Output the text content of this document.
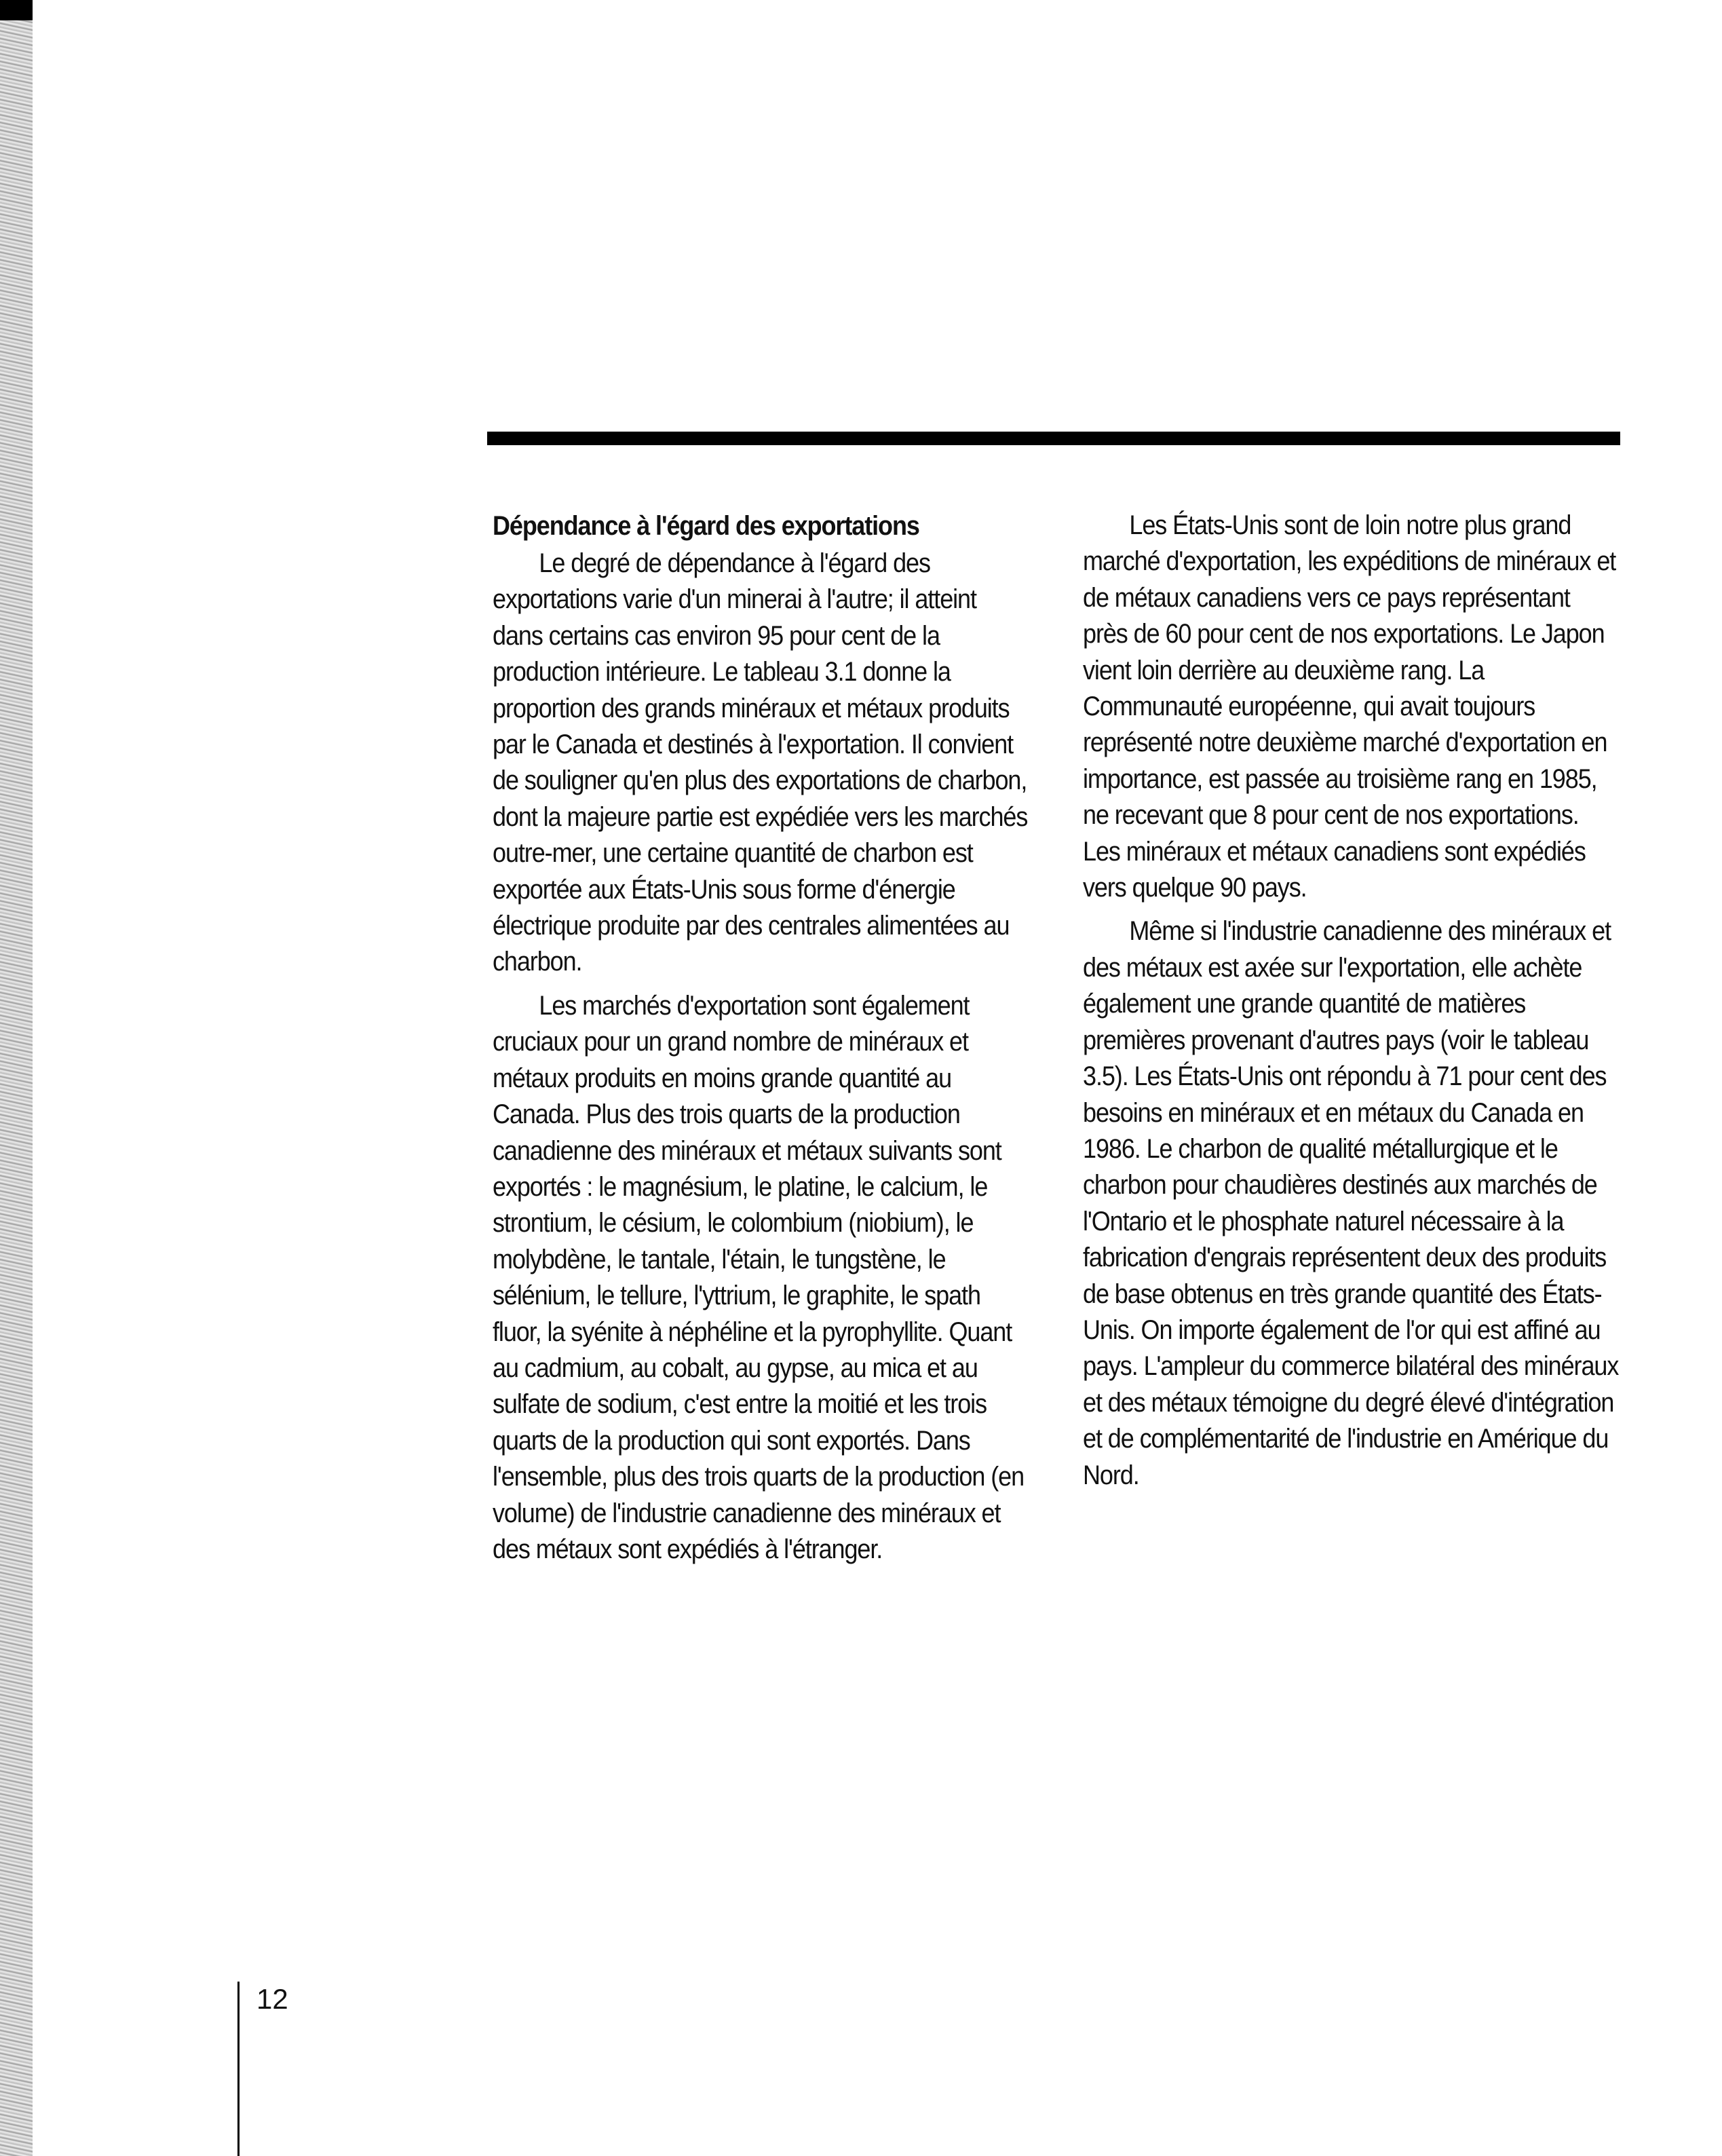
Dépendance à l'égard des exportations

Le degré de dépendance à l'égard des exportations varie d'un minerai à l'autre; il atteint dans certains cas environ 95 pour cent de la production intérieure. Le tableau 3.1 donne la proportion des grands minéraux et métaux produits par le Canada et destinés à l'exportation. Il convient de souligner qu'en plus des exportations de charbon, dont la majeure partie est expédiée vers les marchés outre-mer, une certaine quantité de charbon est exportée aux États-Unis sous forme d'énergie électrique produite par des centrales alimentées au charbon.

Les marchés d'exportation sont également cruciaux pour un grand nombre de minéraux et métaux produits en moins grande quantité au Canada. Plus des trois quarts de la production canadienne des minéraux et métaux suivants sont exportés : le magnésium, le platine, le calcium, le strontium, le césium, le colombium (niobium), le molybdène, le tantale, l'étain, le tungstène, le sélénium, le tellure, l'yttrium, le graphite, le spath fluor, la syénite à néphéline et la pyrophyllite. Quant au cadmium, au cobalt, au gypse, au mica et au sulfate de sodium, c'est entre la moitié et les trois quarts de la production qui sont exportés. Dans l'ensemble, plus des trois quarts de la production (en volume) de l'industrie canadienne des minéraux et des métaux sont expédiés à l'étranger.

Les États-Unis sont de loin notre plus grand marché d'exportation, les expéditions de minéraux et de métaux canadiens vers ce pays représentant près de 60 pour cent de nos exportations. Le Japon vient loin derrière au deuxième rang. La Communauté européenne, qui avait toujours représenté notre deuxième marché d'exportation en importance, est passée au troisième rang en 1985, ne recevant que 8 pour cent de nos exportations. Les minéraux et métaux canadiens sont expédiés vers quelque 90 pays.

Même si l'industrie canadienne des minéraux et des métaux est axée sur l'exportation, elle achète également une grande quantité de matières premières provenant d'autres pays (voir le tableau 3.5). Les États-Unis ont répondu à 71 pour cent des besoins en minéraux et en métaux du Canada en 1986. Le charbon de qualité métallurgique et le charbon pour chaudières destinés aux marchés de l'Ontario et le phosphate naturel nécessaire à la fabrication d'engrais représentent deux des produits de base obtenus en très grande quantité des États-Unis. On importe également de l'or qui est affiné au pays. L'ampleur du commerce bilatéral des minéraux et des métaux témoigne du degré élevé d'intégration et de complémentarité de l'industrie en Amérique du Nord.

12
